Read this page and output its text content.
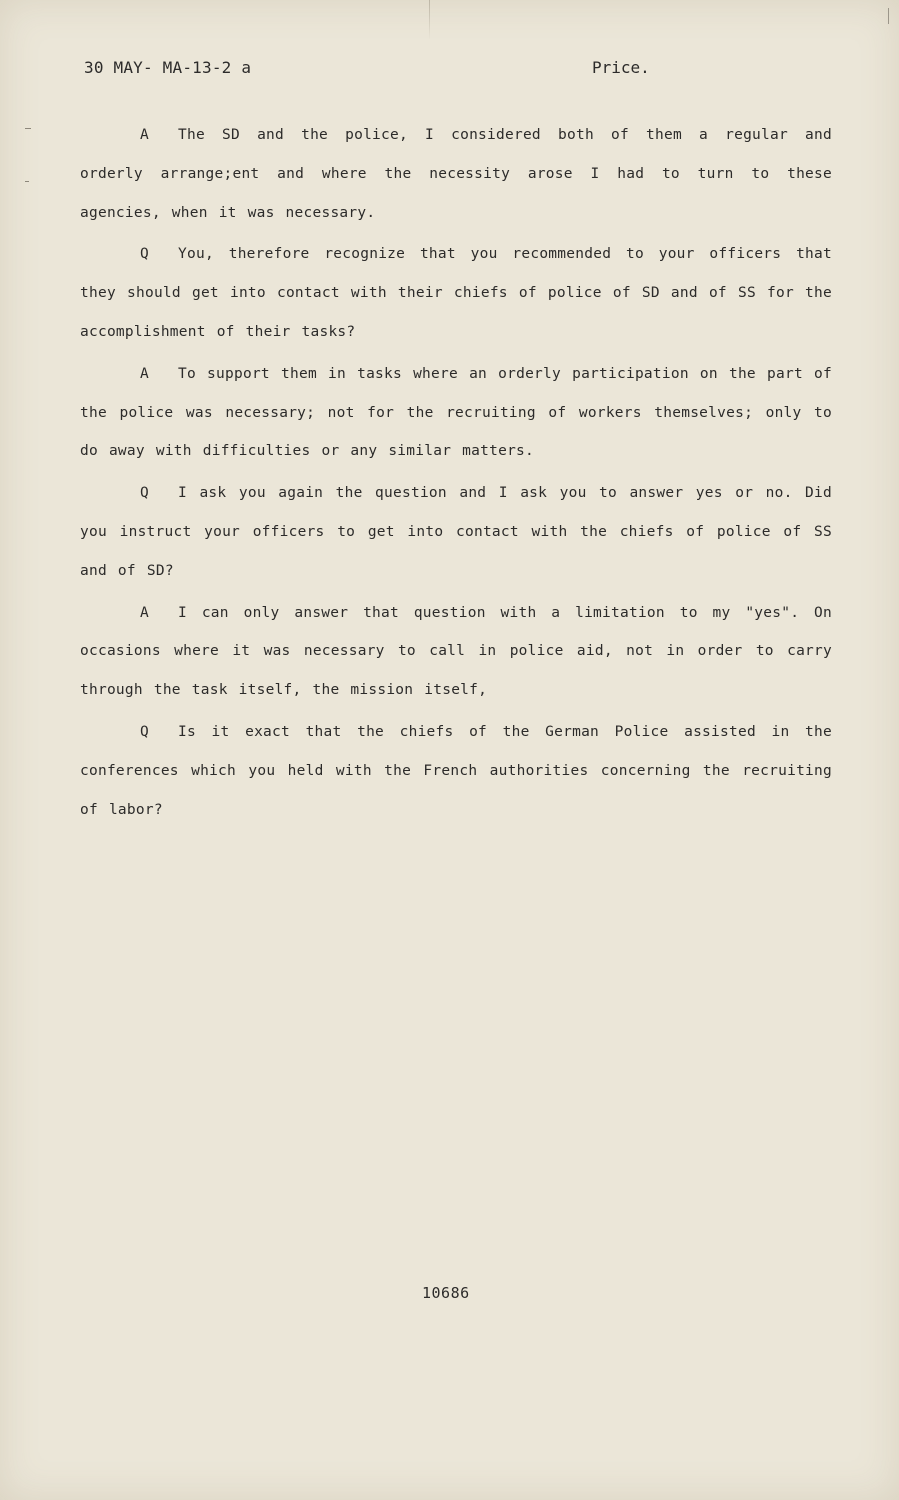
30 MAY- MA-13-2 a	Price.

A The SD and the police, I considered both of them a regular and orderly arrange;ent and where the necessity arose I had to turn to these agencies, when it was necessary.

Q You, therefore recognize that you recommended to your officers that they should get into contact with their chiefs of police of SD and of SS for the accomplishment of their tasks?

A To support them in tasks where an orderly participation on the part of the police was necessary; not for the recruiting of workers themselves; only to do away with difficulties or any similar matters.

Q I ask you again the question and I ask you to answer yes or no. Did you instruct your officers to get into contact with the chiefs of police of SS and of SD?

A I can only answer that question with a limitation to my "yes". On occasions where it was necessary to call in police aid, not in order to carry through the task itself, the mission itself,

Q Is it exact that the chiefs of the German Police assisted in the conferences which you held with the French authorities concerning the recruiting of labor?

10686
